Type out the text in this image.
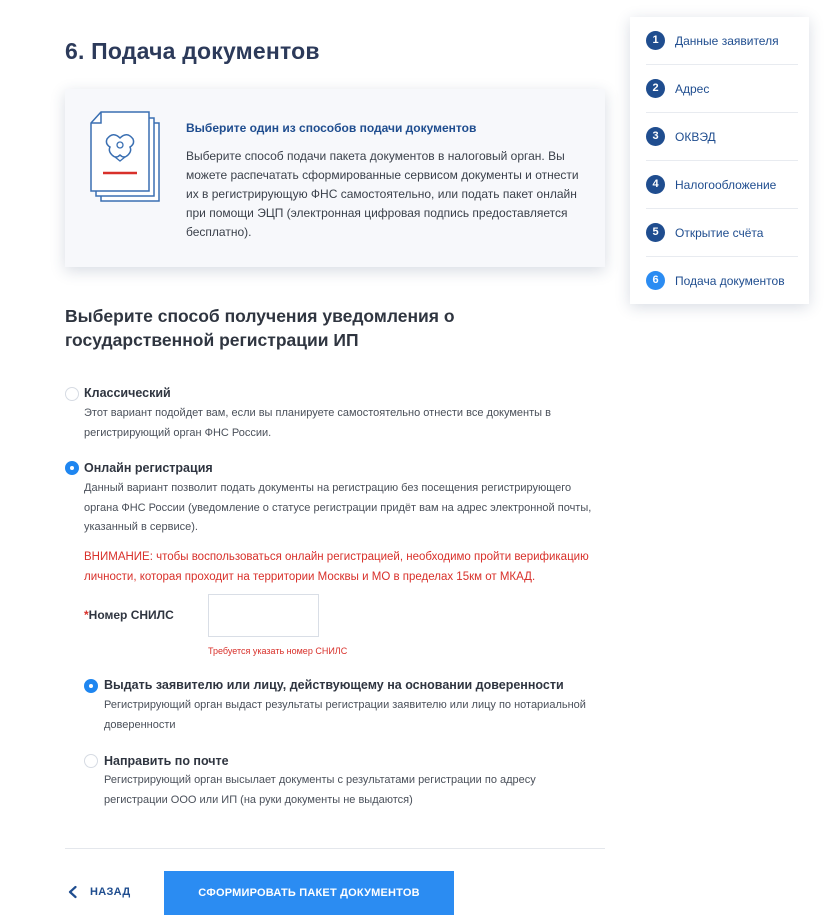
6. Подача документов
Выберите один из способов подачи документов
Выберите способ подачи пакета документов в налоговый орган. Вы можете распечатать сформированные сервисом документы и отнести их в регистрирующую ФНС самостоятельно, или подать пакет онлайн при помощи ЭЦП (электронная цифровая подпись предоставляется бесплатно).
Выберите способ получения уведомления о государственной регистрации ИП
Классический
Этот вариант подойдет вам, если вы планируете самостоятельно отнести все документы в регистрирующий орган ФНС России.
Онлайн регистрация
Данный вариант позволит подать документы на регистрацию без посещения регистрирующего органа ФНС России (уведомление о статусе регистрации придёт вам на адрес электронной почты, указанный в сервисе).
ВНИМАНИЕ: чтобы воспользоваться онлайн регистрацией, необходимо пройти верификацию личности, которая проходит на территории Москвы и МО в пределах 15км от МКАД.
*Номер СНИЛС
Требуется указать номер СНИЛС
Выдать заявителю или лицу, действующему на основании доверенности
Регистрирующий орган выдаст результаты регистрации заявителю или лицу по нотариальной доверенности
Направить по почте
Регистрирующий орган высылает документы с результатами регистрации по адресу регистрации ООО или ИП (на руки документы не выдаются)
НАЗАД	СФОРМИРОВАТЬ ПАКЕТ ДОКУМЕНТОВ
1	Данные заявителя
2	Адрес
3	ОКВЭД
4	Налогообложение
5	Открытие счёта
6	Подача документов
